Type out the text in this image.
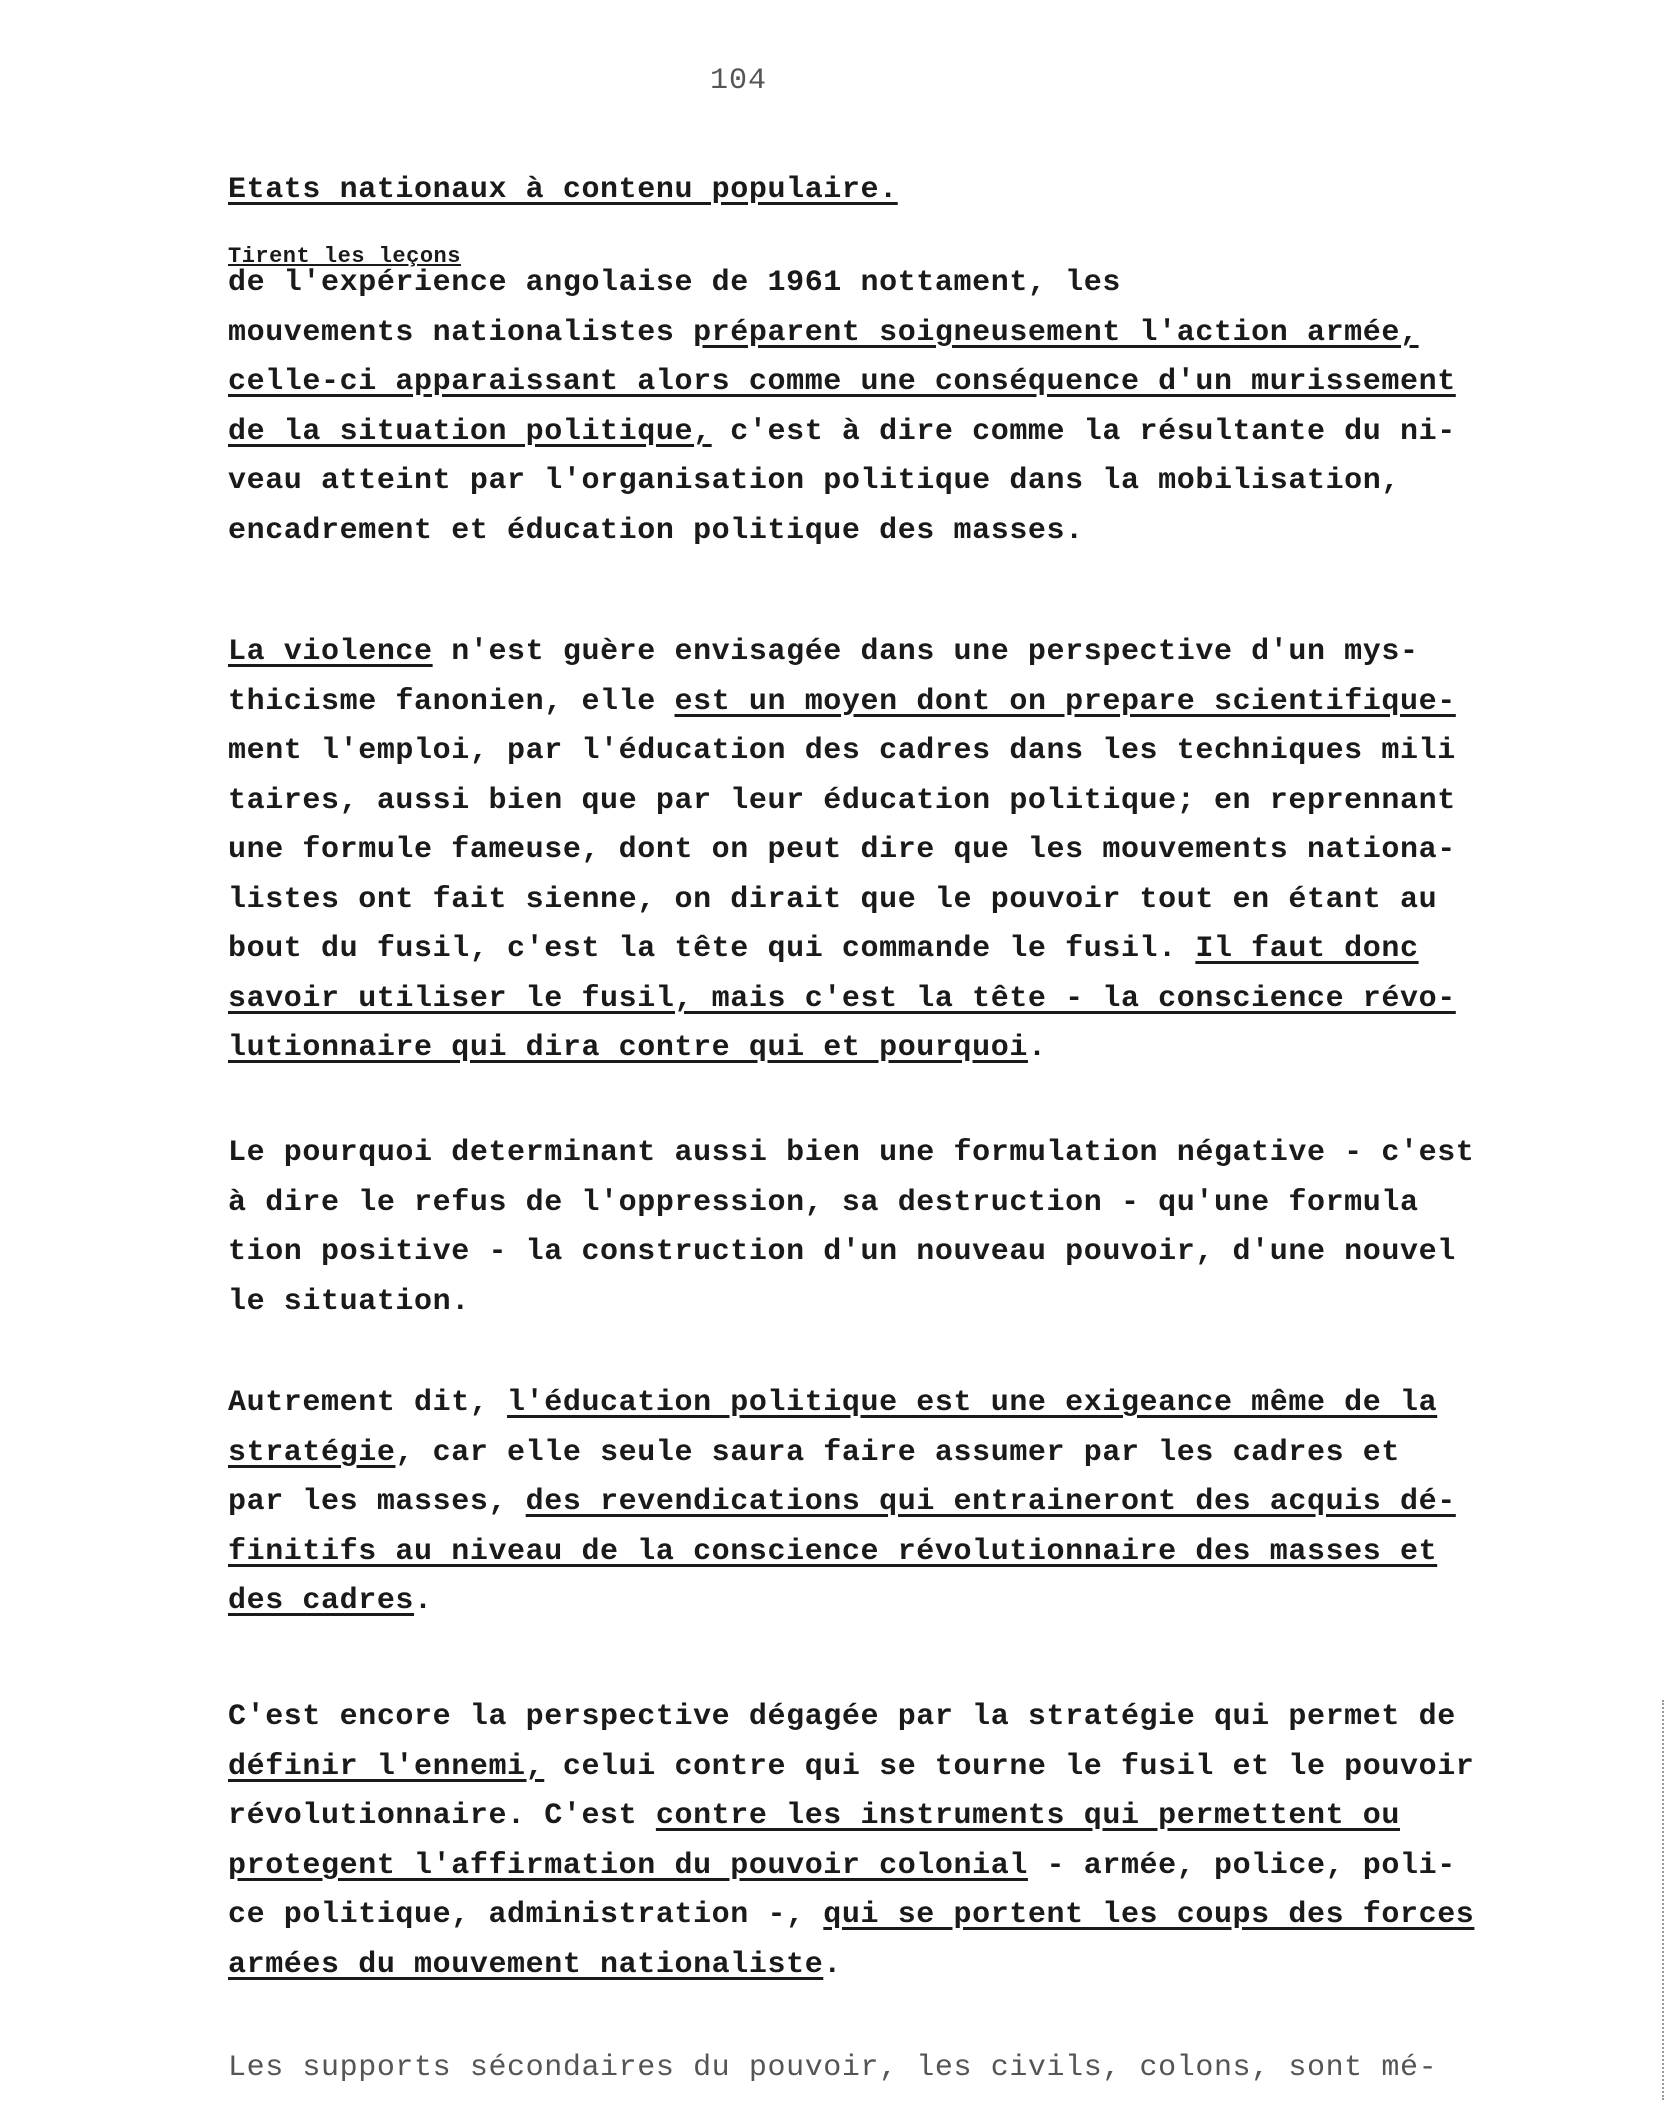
104
Etats nationaux à contenu populaire.
Tirent les leçons
de l'expérience angolaise de 1961 nottament, les
mouvements nationalistes préparent soigneusement l'action armée,
celle-ci apparaissant alors comme une conséquence d'un murissement
de la situation politique, c'est à dire comme la résultante du ni-
veau atteint par l'organisation politique dans la mobilisation,
encadrement et éducation politique des masses.
La violence n'est guère envisagée dans une perspective d'un mys-
thicisme fanonien, elle est un moyen dont on prepare scientifique-
ment l'emploi, par l'éducation des cadres dans les techniques mili
taires, aussi bien que par leur éducation politique; en reprennant
une formule fameuse, dont on peut dire que les mouvements nationa-
listes ont fait sienne, on dirait que le pouvoir tout en étant au
bout du fusil, c'est la tête qui commande le fusil. Il faut donc
savoir utiliser le fusil, mais c'est la tête - la conscience révo-
lutionnaire qui dira contre qui et pourquoi.
Le pourquoi determinant aussi bien une formulation négative - c'est
à dire le refus de l'oppression, sa destruction - qu'une formula
tion positive - la construction d'un nouveau pouvoir, d'une nouvel
le situation.
Autrement dit, l'éducation politique est une exigeance même de la
stratégie, car elle seule saura faire assumer par les cadres et
par les masses, des revendications qui entraineront des acquis dé-
finitifs au niveau de la conscience révolutionnaire des masses et
des cadres.
C'est encore la perspective dégagée par la stratégie qui permet de
définir l'ennemi, celui contre qui se tourne le fusil et le pouvoir
révolutionnaire. C'est contre les instruments qui permettent ou
protegent l'affirmation du pouvoir colonial - armée, police, poli-
ce politique, administration -, qui se portent les coups des forces
armées du mouvement nationaliste.
Les supports sécondaires du pouvoir, les civils, colons, sont mé-
